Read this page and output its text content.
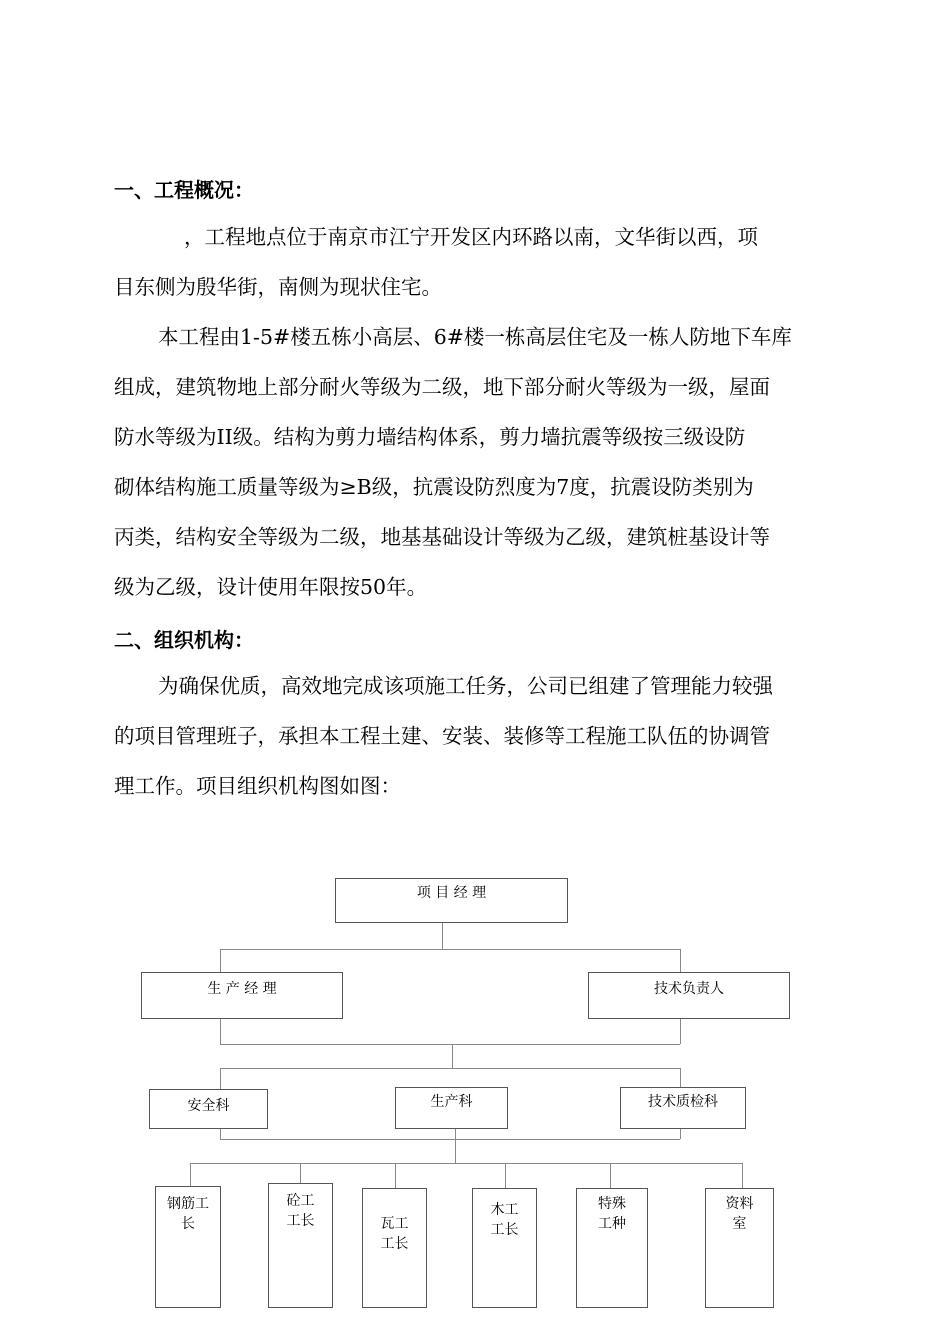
一、工程概况：
，工程地点位于南京市江宁开发区内环路以南，文华街以西，项
目东侧为殷华街，南侧为现状住宅。
本工程由1-5#楼五栋小高层、6#楼一栋高层住宅及一栋人防地下车库
组成，建筑物地上部分耐火等级为二级，地下部分耐火等级为一级，屋面
防水等级为II级。结构为剪力墙结构体系，剪力墙抗震等级按三级设防
砌体结构施工质量等级为≥B级，抗震设防烈度为7度，抗震设防类别为
丙类，结构安全等级为二级，地基基础设计等级为乙级，建筑桩基设计等
级为乙级，设计使用年限按50年。
二、组织机构：
为确保优质，高效地完成该项施工任务，公司已组建了管理能力较强
的项目管理班子，承担本工程土建、安装、装修等工程施工队伍的协调管
理工作。项目组织机构图如图：
项 目 经 理
生 产 经 理	技术负责人
安全科	生产科	技术质检科
钢筋工
长
砼工
工长	瓦工
工长
木工
工长
特殊
工种
资料
室
